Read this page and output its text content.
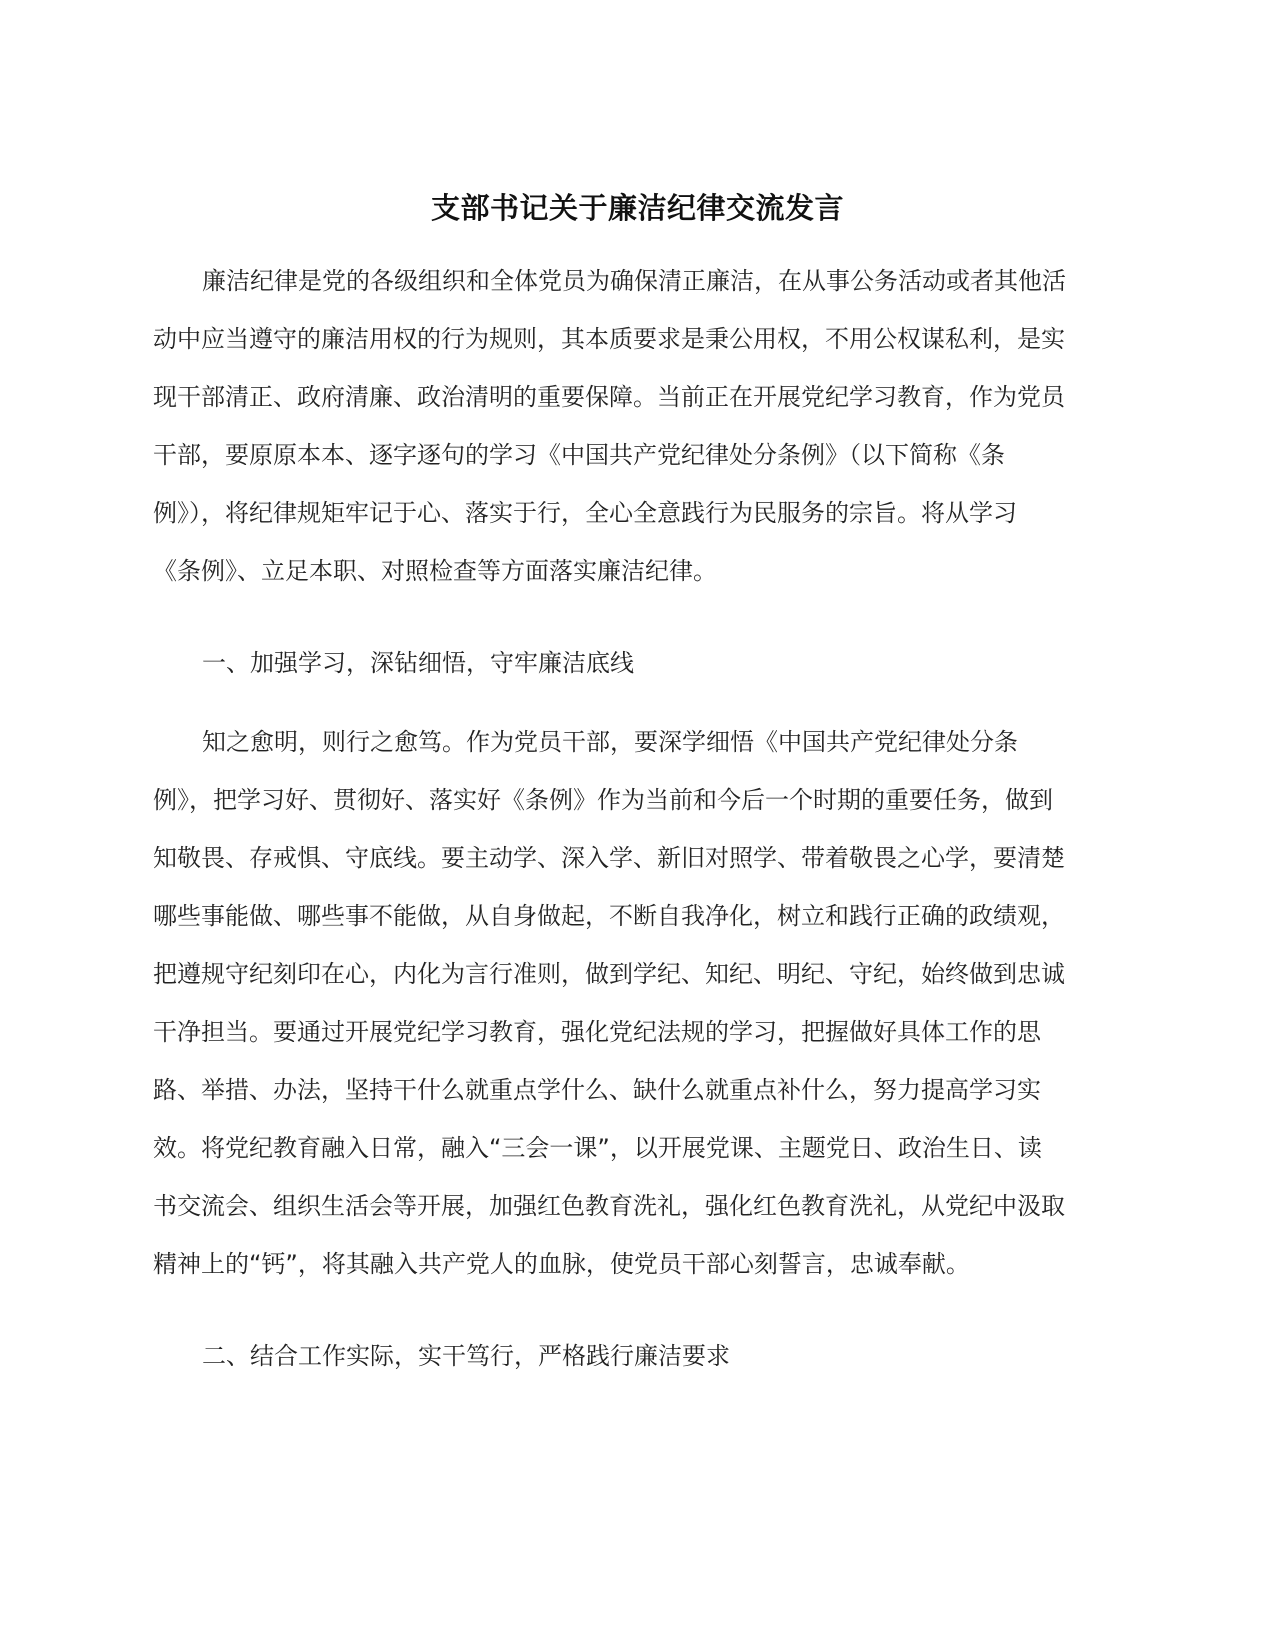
支部书记关于廉洁纪律交流发言
廉洁纪律是党的各级组织和全体党员为确保清正廉洁，在从事公务活动或者其他活
动中应当遵守的廉洁用权的行为规则，其本质要求是秉公用权，不用公权谋私利，是实
现干部清正、政府清廉、政治清明的重要保障。当前正在开展党纪学习教育，作为党员
干部，要原原本本、逐字逐句的学习《中国共产党纪律处分条例》（以下简称《条
例》），将纪律规矩牢记于心、落实于行，全心全意践行为民服务的宗旨。将从学习
《条例》、立足本职、对照检查等方面落实廉洁纪律。

一、加强学习，深钻细悟，守牢廉洁底线

知之愈明，则行之愈笃。作为党员干部，要深学细悟《中国共产党纪律处分条
例》，把学习好、贯彻好、落实好《条例》作为当前和今后一个时期的重要任务，做到
知敬畏、存戒惧、守底线。要主动学、深入学、新旧对照学、带着敬畏之心学，要清楚
哪些事能做、哪些事不能做，从自身做起，不断自我净化，树立和践行正确的政绩观，
把遵规守纪刻印在心，内化为言行准则，做到学纪、知纪、明纪、守纪，始终做到忠诚
干净担当。要通过开展党纪学习教育，强化党纪法规的学习，把握做好具体工作的思
路、举措、办法，坚持干什么就重点学什么、缺什么就重点补什么，努力提高学习实
效。将党纪教育融入日常，融入“三会一课”，以开展党课、主题党日、政治生日、读
书交流会、组织生活会等开展，加强红色教育洗礼，强化红色教育洗礼，从党纪中汲取
精神上的“钙”，将其融入共产党人的血脉，使党员干部心刻誓言，忠诚奉献。

二、结合工作实际，实干笃行，严格践行廉洁要求
